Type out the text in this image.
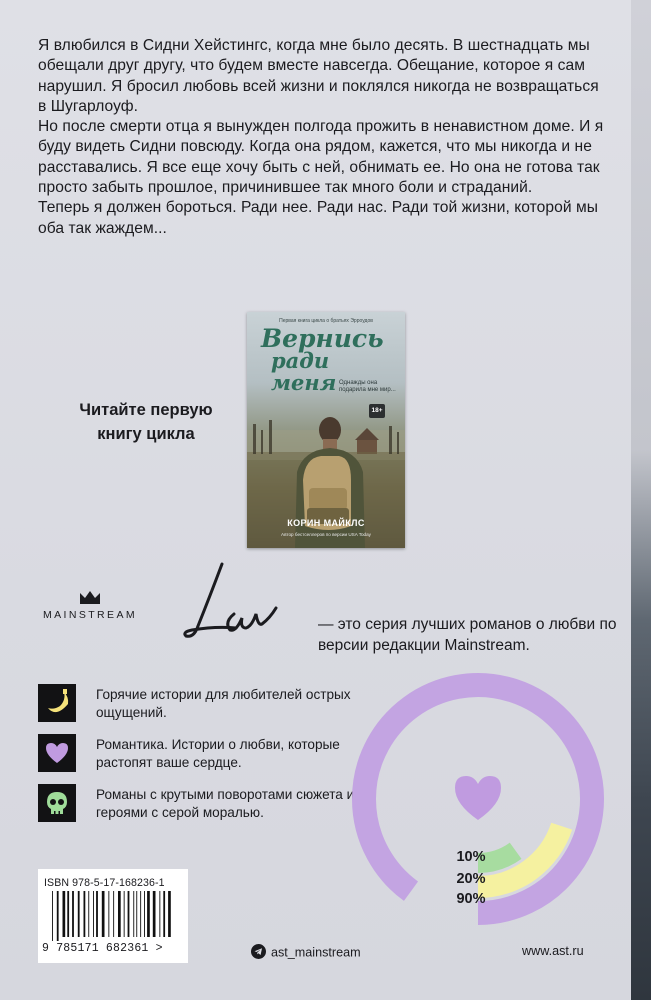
Я влюбился в Сидни Хейстингс, когда мне было десять. В шестнадцать мы обещали друг другу, что будем вместе навсегда. Обещание, которое я сам нарушил. Я бросил любовь всей жизни и поклялся никогда не возвращаться в Шугарлоуф.

Но после смерти отца я вынужден полгода прожить в ненавистном доме. И я буду видеть Сидни повсюду. Когда она рядом, кажется, что мы никогда и не расставались. Я все еще хочу быть с ней, обнимать ее. Но она не готова так просто забыть прошлое, причинившее так много боли и страданий.

Теперь я должен бороться. Ради нее. Ради нас. Ради той жизни, которой мы оба так жаждем...

Читайте первую
книгу цикла
Первая книга цикла о братьях Эрроудов
Вернись
ради меня Однажды она подарила мне мир...
18+
КОРИН МАЙКЛС
Автор бестселлеров по версии USA Today
MAINSTREAM
— это серия лучших романов о любви по версии редакции Mainstream.
Горячие истории для любителей острых ощущений.
Романтика. Истории о любви, которые растопят ваше сердце.
Романы с крутыми поворотами сюжета и героями с серой моралью.
10%
20%
90%
ISBN 978-5-17-168236-1
9 785171 682361 >	ast_mainstream	www.ast.ru
